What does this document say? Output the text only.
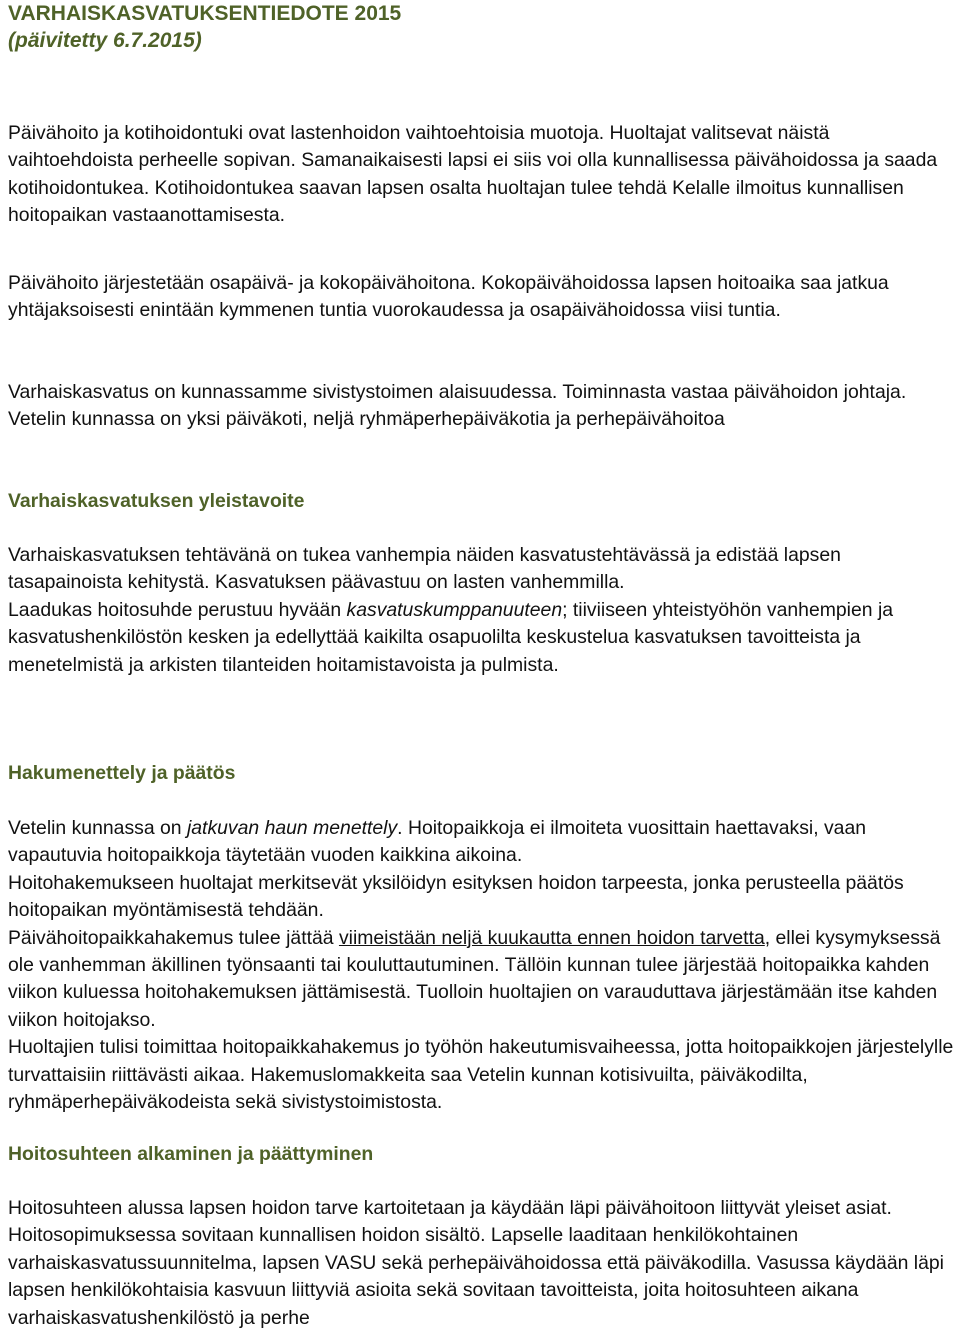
VARHAISKASVATUKSENTIEDOTE 2015
(päivitetty 6.7.2015)

Päivähoito ja kotihoidontuki ovat lastenhoidon vaihtoehtoisia muotoja. Huoltajat valitsevat näistä vaihtoehdoista perheelle sopivan. Samanaikaisesti lapsi ei siis voi olla kunnallisessa päivähoidossa ja saada kotihoidontukea. Kotihoidontukea saavan lapsen osalta huoltajan tulee tehdä Kelalle ilmoitus kunnallisen hoitopaikan vastaanottamisesta.

Päivähoito järjestetään osapäivä- ja kokopäivähoitona. Kokopäivähoidossa lapsen hoitoaika saa jatkua yhtäjaksoisesti enintään kymmenen tuntia vuorokaudessa ja osapäivähoidossa viisi tuntia.

Varhaiskasvatus on kunnassamme sivistystoimen alaisuudessa. Toiminnasta vastaa päivähoidon johtaja.

Vetelin kunnassa on yksi päiväkoti, neljä ryhmäperhepäiväkotia ja perhepäivähoitoa

Varhaiskasvatuksen yleistavoite

Varhaiskasvatuksen tehtävänä on tukea vanhempia näiden kasvatustehtävässä ja edistää lapsen tasapainoista kehitystä. Kasvatuksen päävastuu on lasten vanhemmilla.

Laadukas hoitosuhde perustuu hyvään kasvatuskumppanuuteen; tiiviiseen yhteistyöhön vanhempien ja kasvatushenkilöstön kesken ja edellyttää kaikilta osapuolilta keskustelua kasvatuksen tavoitteista ja menetelmistä ja arkisten tilanteiden hoitamistavoista ja pulmista.

Hakumenettely ja päätös

Vetelin kunnassa on jatkuvan haun menettely. Hoitopaikkoja ei ilmoiteta vuosittain haettavaksi, vaan vapautuvia hoitopaikkoja täytetään vuoden kaikkina aikoina.

Hoitohakemukseen huoltajat merkitsevät yksilöidyn esityksen hoidon tarpeesta, jonka perusteella päätös hoitopaikan myöntämisestä tehdään.

Päivähoitopaikkahakemus tulee jättää viimeistään neljä kuukautta ennen hoidon tarvetta, ellei kysymyksessä ole vanhemman äkillinen työnsaanti tai kouluttautuminen. Tällöin kunnan tulee järjestää hoitopaikka kahden viikon kuluessa hoitohakemuksen jättämisestä. Tuolloin huoltajien on varauduttava järjestämään itse kahden viikon hoitojakso.

Huoltajien tulisi toimittaa hoitopaikkahakemus jo työhön hakeutumisvaiheessa, jotta hoitopaikkojen järjestelylle turvattaisiin riittävästi aikaa. Hakemuslomakkeita saa Vetelin kunnan kotisivuilta, päiväkodilta, ryhmäperhepäiväkodeista sekä sivistystoimistosta.

Hoitosuhteen alkaminen ja päättyminen

Hoitosuhteen alussa lapsen hoidon tarve kartoitetaan ja käydään läpi päivähoitoon liittyvät yleiset asiat. Hoitosopimuksessa sovitaan kunnallisen hoidon sisältö. Lapselle laaditaan henkilökohtainen varhaiskasvatussuunnitelma, lapsen VASU sekä perhepäivähoidossa että päiväkodilla. Vasussa käydään läpi lapsen henkilökohtaisia kasvuun liittyviä asioita sekä sovitaan tavoitteista, joita hoitosuhteen aikana varhaiskasvatushenkilöstö ja perhe
